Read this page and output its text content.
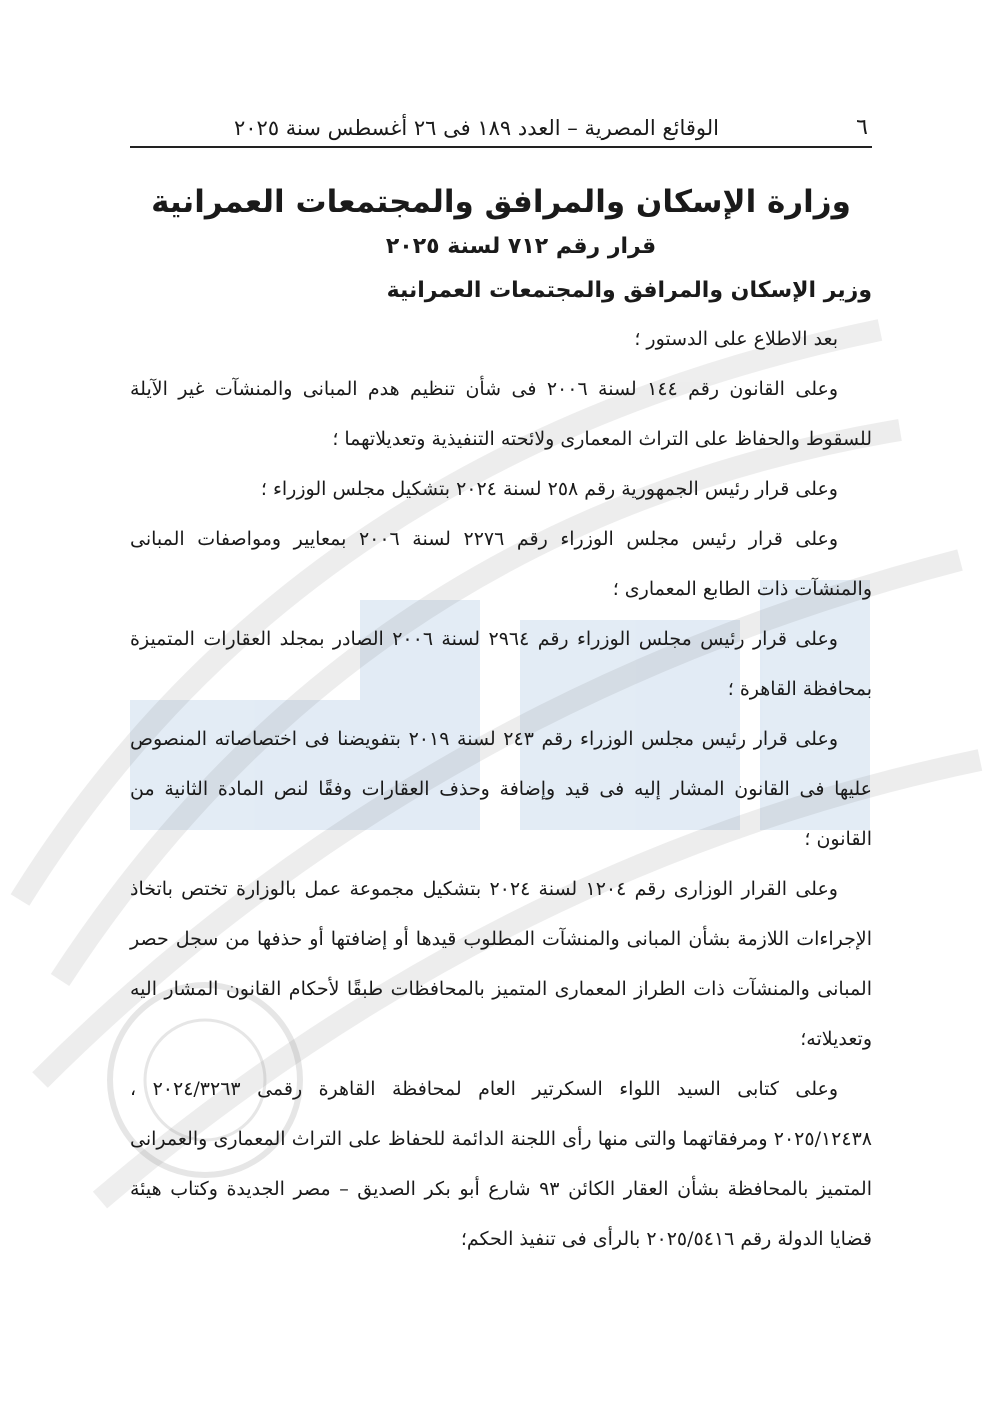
٦
الوقائع المصرية – العدد ١٨٩ فى ٢٦ أغسطس سنة ٢٠٢٥
وزارة الإسكان والمرافق والمجتمعات العمرانية
قرار رقم ٧١٢ لسنة ٢٠٢٥
وزير الإسكان والمرافق والمجتمعات العمرانية

بعد الاطلاع على الدستور ؛

وعلى القانون رقم ١٤٤ لسنة ٢٠٠٦ فى شأن تنظيم هدم المبانى والمنشآت غير الآيلة للسقوط والحفاظ على التراث المعمارى ولائحته التنفيذية وتعديلاتهما ؛

وعلى قرار رئيس الجمهورية رقم ٢٥٨ لسنة ٢٠٢٤ بتشكيل مجلس الوزراء ؛

وعلى قرار رئيس مجلس الوزراء رقم ٢٢٧٦ لسنة ٢٠٠٦ بمعايير ومواصفات المبانى والمنشآت ذات الطابع المعمارى ؛

وعلى قرار رئيس مجلس الوزراء رقم ٢٩٦٤ لسنة ٢٠٠٦ الصادر بمجلد العقارات المتميزة بمحافظة القاهرة ؛

وعلى قرار رئيس مجلس الوزراء رقم ٢٤٣ لسنة ٢٠١٩ بتفويضنا فى اختصاصاته المنصوص عليها فى القانون المشار إليه فى قيد وإضافة وحذف العقارات وفقًا لنص المادة الثانية من القانون ؛

وعلى القرار الوزارى رقم ١٢٠٤ لسنة ٢٠٢٤ بتشكيل مجموعة عمل بالوزارة تختص باتخاذ الإجراءات اللازمة بشأن المبانى والمنشآت المطلوب قيدها أو إضافتها أو حذفها من سجل حصر المبانى والمنشآت ذات الطراز المعمارى المتميز بالمحافظات طبقًا لأحكام القانون المشار اليه وتعديلاته؛

وعلى كتابى السيد اللواء السكرتير العام لمحافظة القاهرة رقمى ٢٠٢٤/٣٢٦٣ ، ٢٠٢٥/١٢٤٣٨ ومرفقاتهما والتى منها رأى اللجنة الدائمة للحفاظ على التراث المعمارى والعمرانى المتميز بالمحافظة بشأن العقار الكائن ٩٣ شارع أبو بكر الصديق – مصر الجديدة وكتاب هيئة قضايا الدولة رقم ٢٠٢٥/٥٤١٦ بالرأى فى تنفيذ الحكم؛
